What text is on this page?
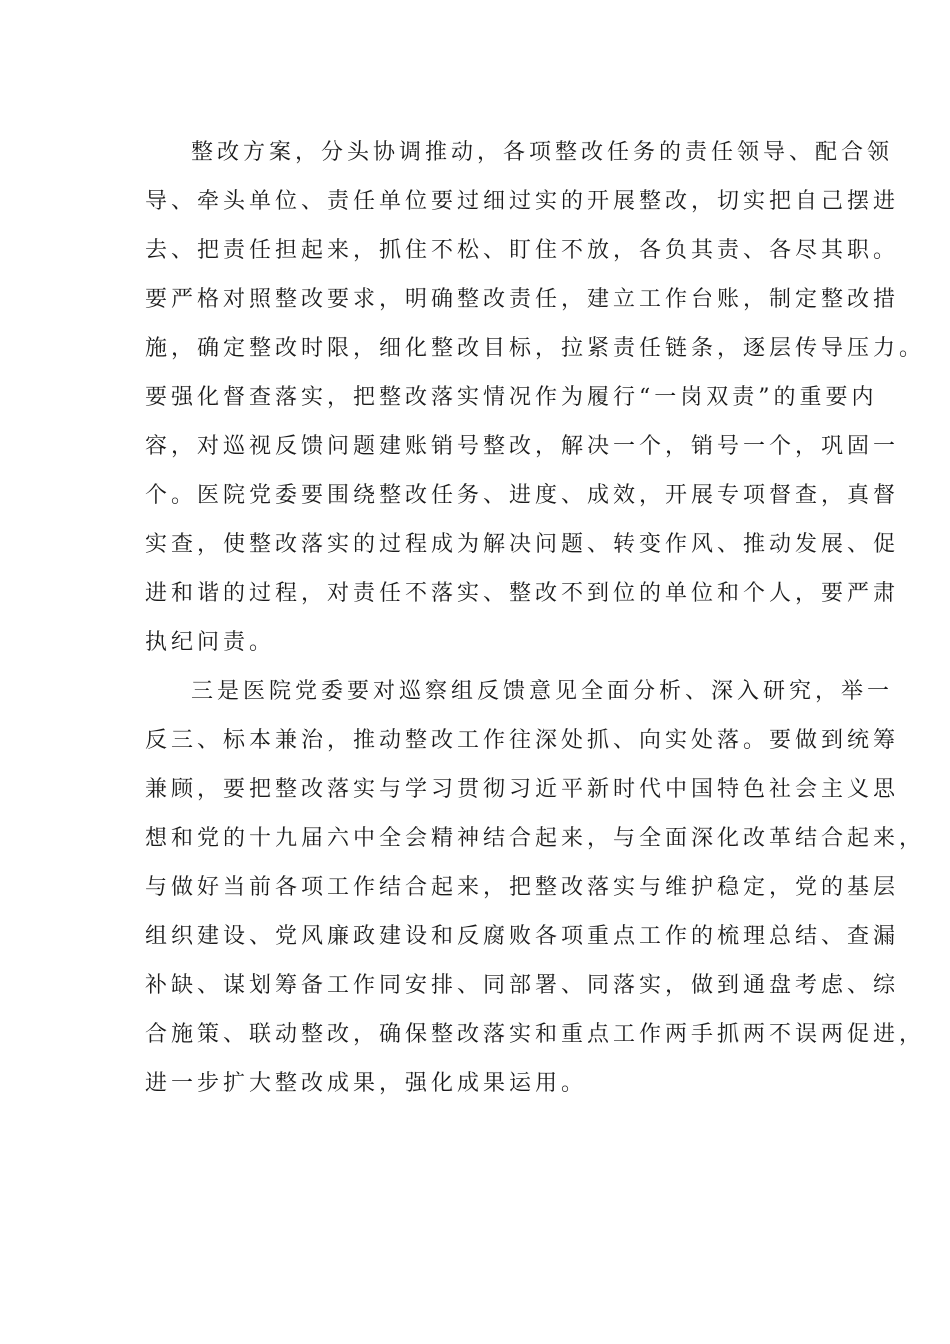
整改方案，分头协调推动，各项整改任务的责任领导、配合领
导、牵头单位、责任单位要过细过实的开展整改，切实把自己摆进
去、把责任担起来，抓住不松、盯住不放，各负其责、各尽其职。
要严格对照整改要求，明确整改责任，建立工作台账，制定整改措
施，确定整改时限，细化整改目标，拉紧责任链条，逐层传导压力。
要强化督查落实，把整改落实情况作为履行“一岗双责”的重要内
容，对巡视反馈问题建账销号整改，解决一个，销号一个，巩固一
个。医院党委要围绕整改任务、进度、成效，开展专项督查，真督
实查，使整改落实的过程成为解决问题、转变作风、推动发展、促
进和谐的过程，对责任不落实、整改不到位的单位和个人，要严肃
执纪问责。
三是医院党委要对巡察组反馈意见全面分析、深入研究，举一
反三、标本兼治，推动整改工作往深处抓、向实处落。要做到统筹
兼顾，要把整改落实与学习贯彻习近平新时代中国特色社会主义思
想和党的十九届六中全会精神结合起来，与全面深化改革结合起来，
与做好当前各项工作结合起来，把整改落实与维护稳定，党的基层
组织建设、党风廉政建设和反腐败各项重点工作的梳理总结、查漏
补缺、谋划筹备工作同安排、同部署、同落实，做到通盘考虑、综
合施策、联动整改，确保整改落实和重点工作两手抓两不误两促进，
进一步扩大整改成果，强化成果运用。
